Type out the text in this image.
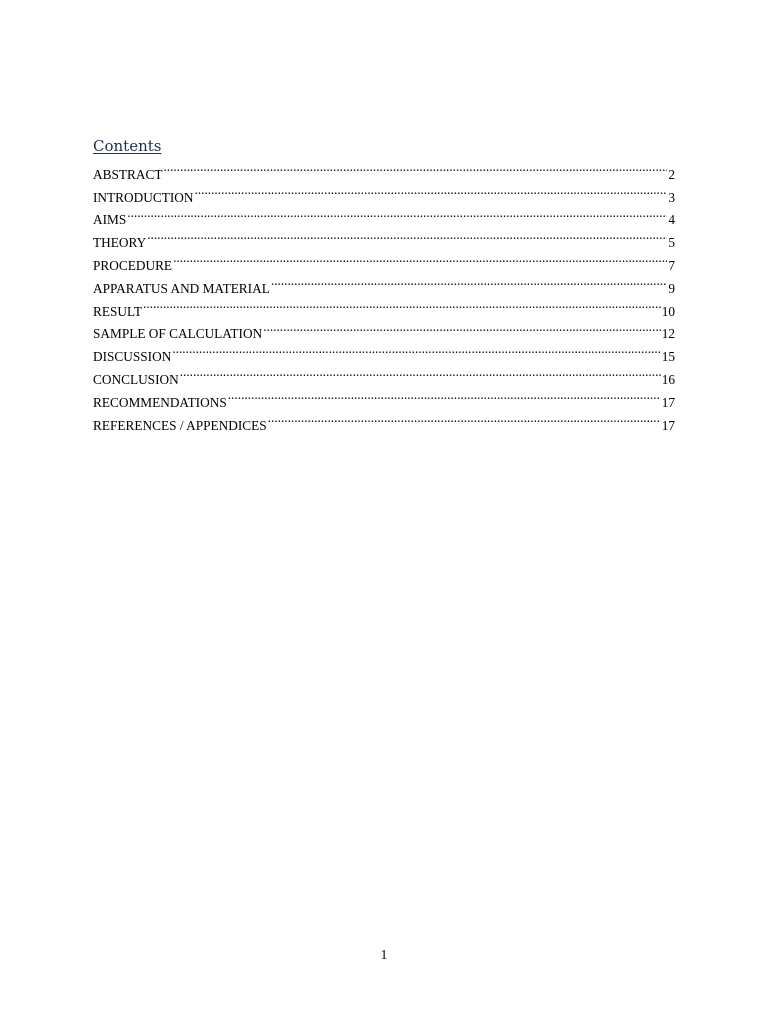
Contents
ABSTRACT .....	2
INTRODUCTION .....	3
AIMS .....	4
THEORY .....	5
PROCEDURE .....	7
APPARATUS AND MATERIAL .....	9
RESULT .....	10
SAMPLE OF CALCULATION .....	12
DISCUSSION .....	15
CONCLUSION .....	16
RECOMMENDATIONS .....	17
REFERENCES / APPENDICES .....	17
1
